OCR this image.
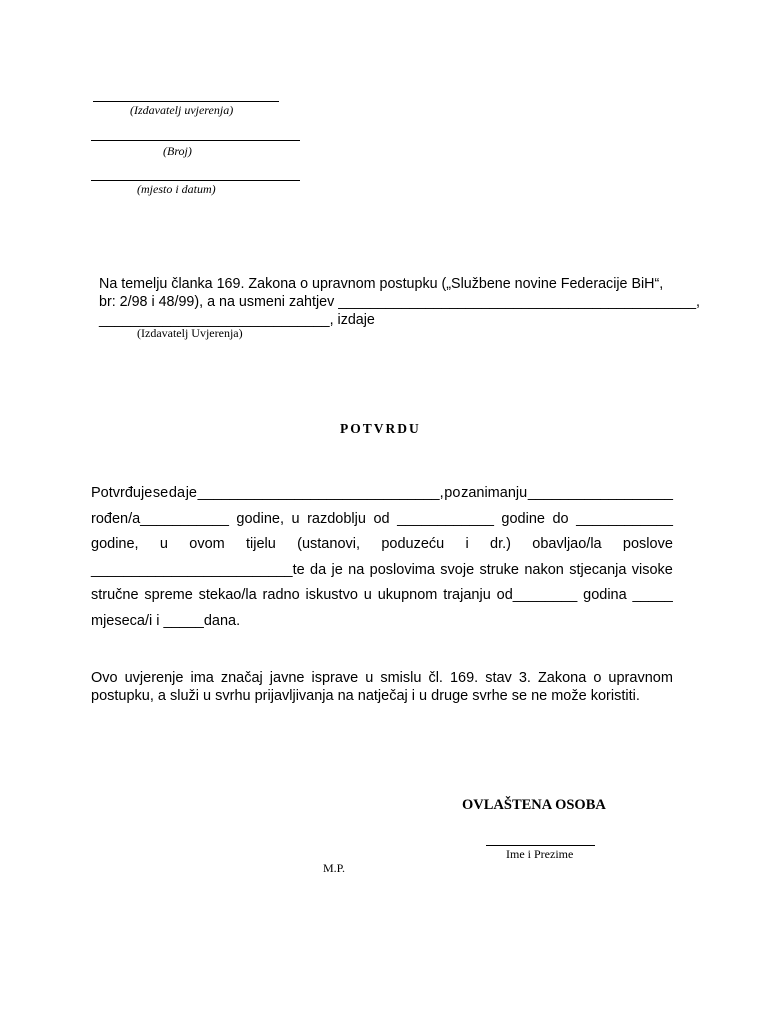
(Izdavatelj uvjerenja)
(Broj)
(mjesto i datum)
Na temelju članka 169. Zakona o upravnom postupku („Službene novine Federacije BiH“,
br: 2/98 i 48/99), a na usmeni zahtjev _____________________________________________,
_____________________________, izdaje
(Izdavatelj Uvjerenja)
POTVRDU
Potvrđuje se da je ______________________________, po zanimanju __________________
rođen/a___________ godine, u razdoblju od ____________ godine do ____________
godine, u ovom tijelu (ustanovi, poduzeću i dr.) obavljao/la poslove
_________________________te da je na poslovima svoje struke nakon stjecanja visoke
stručne spreme stekao/la radno iskustvo u ukupnom trajanju od________ godina _____
mjeseca/i i _____dana.
Ovo uvjerenje ima značaj javne isprave u smislu čl. 169. stav 3. Zakona o upravnom
postupku, a služi u svrhu prijavljivanja na natječaj i u druge svrhe se ne može koristiti.
OVLAŠTENA OSOBA
Ime i Prezime
M.P.
